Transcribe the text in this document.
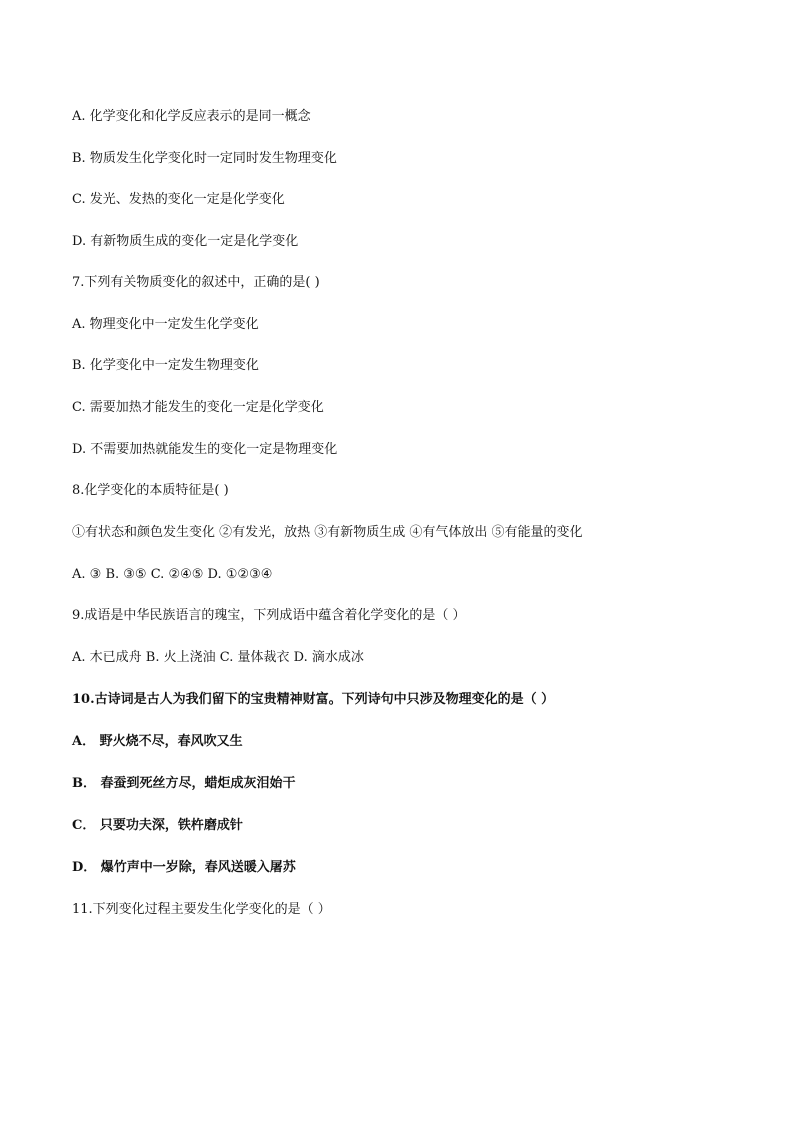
A. 化学变化和化学反应表示的是同一概念
B. 物质发生化学变化时一定同时发生物理变化
C. 发光、发热的变化一定是化学变化
D. 有新物质生成的变化一定是化学变化
7.下列有关物质变化的叙述中，正确的是( )
A. 物理变化中一定发生化学变化
B. 化学变化中一定发生物理变化
C. 需要加热才能发生的变化一定是化学变化
D. 不需要加热就能发生的变化一定是物理变化
8.化学变化的本质特征是( )
①有状态和颜色发生变化 ②有发光，放热 ③有新物质生成 ④有气体放出 ⑤有能量的变化
A. ③ B. ③⑤ C. ②④⑤ D. ①②③④
9.成语是中华民族语言的瑰宝，下列成语中蕴含着化学变化的是（ ）
A. 木已成舟 B. 火上浇油 C. 量体裁衣 D. 滴水成冰
10.古诗词是古人为我们留下的宝贵精神财富。下列诗句中只涉及物理变化的是（ ）
A． 野火烧不尽，春风吹又生
B． 春蚕到死丝方尽，蜡炬成灰泪始干
C． 只要功夫深，铁杵磨成针
D． 爆竹声中一岁除，春风送暖入屠苏
11.下列变化过程主要发生化学变化的是（ ）
